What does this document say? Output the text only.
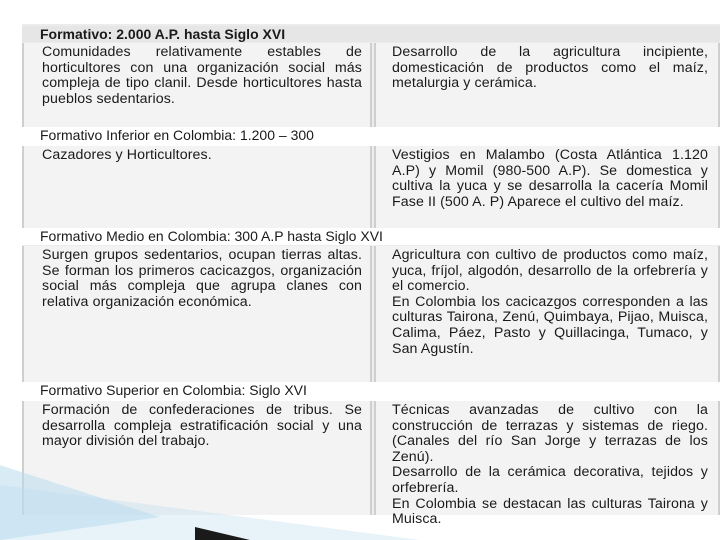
Formativo: 2.000 A.P. hasta Siglo XVI

Comunidades relativamente estables de horticultores con una organización social más compleja de tipo clanil. Desde horticultores hasta pueblos sedentarios.

Desarrollo de la agricultura incipiente, domesticación de productos como el maíz, metalurgia y cerámica.

Formativo Inferior en Colombia: 1.200 – 300

Cazadores y Horticultores.	Vestigios en Malambo (Costa Atlántica 1.120 A.P) y Momil (980-500 A.P). Se domestica y cultiva la yuca y se desarrolla la cacería Momil Fase II (500 A. P) Aparece el cultivo del maíz.

Formativo Medio en Colombia: 300 A.P hasta Siglo XVI

Surgen grupos sedentarios, ocupan tierras altas. Se forman los primeros cacicazgos, organización social más compleja que agrupa clanes con relativa organización económica.

Agricultura con cultivo de productos como maíz, yuca, fríjol, algodón, desarrollo de la orfebrería y el comercio.

En Colombia los cacicazgos corresponden a las culturas Tairona, Zenú, Quimbaya, Pijao, Muisca, Calima, Páez, Pasto y Quillacinga, Tumaco, y San Agustín.

Formativo Superior en Colombia: Siglo XVI

Formación de confederaciones de tribus. Se desarrolla compleja estratificación social y una mayor división del trabajo.

Técnicas avanzadas de cultivo con la construcción de terrazas y sistemas de riego. (Canales del río San Jorge y terrazas de los Zenú).

Desarrollo de la cerámica decorativa, tejidos y orfebrería.

En Colombia se destacan las culturas Tairona y Muisca.
